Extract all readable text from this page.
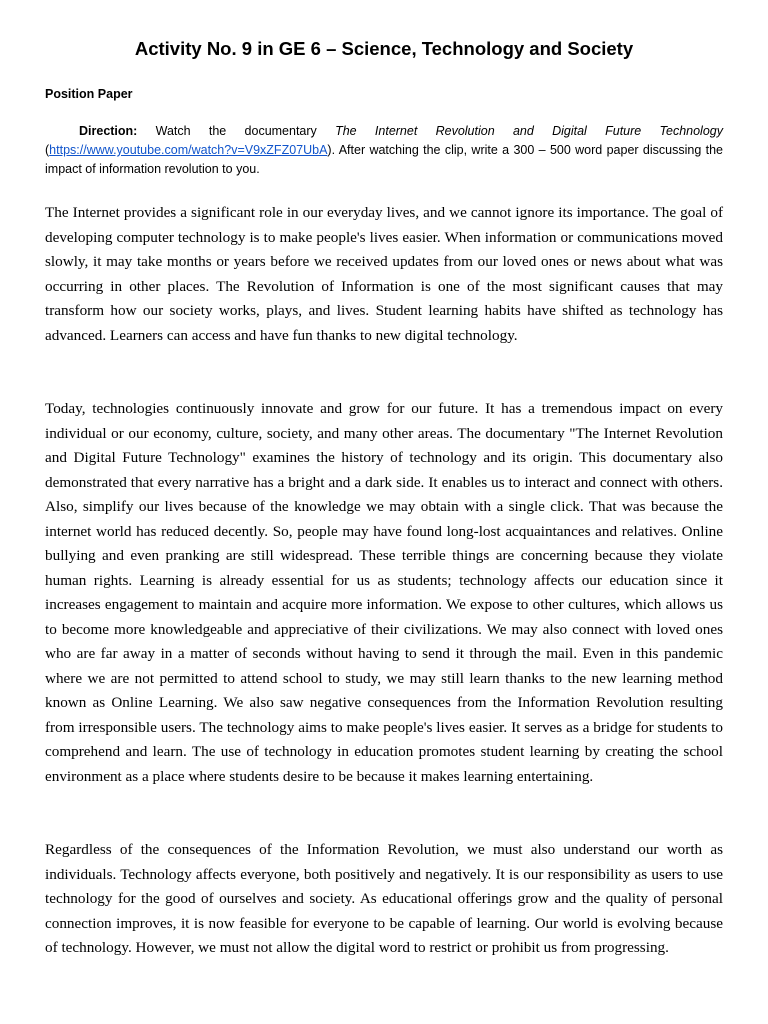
Activity No. 9 in GE 6 – Science, Technology and Society

Position Paper

Direction: Watch the documentary The Internet Revolution and Digital Future Technology (https://www.youtube.com/watch?v=V9xZFZ07UbA). After watching the clip, write a 300 – 500 word paper discussing the impact of information revolution to you.

The Internet provides a significant role in our everyday lives, and we cannot ignore its importance. The goal of developing computer technology is to make people's lives easier. When information or communications moved slowly, it may take months or years before we received updates from our loved ones or news about what was occurring in other places. The Revolution of Information is one of the most significant causes that may transform how our society works, plays, and lives. Student learning habits have shifted as technology has advanced. Learners can access and have fun thanks to new digital technology.

Today, technologies continuously innovate and grow for our future. It has a tremendous impact on every individual or our economy, culture, society, and many other areas. The documentary "The Internet Revolution and Digital Future Technology" examines the history of technology and its origin. This documentary also demonstrated that every narrative has a bright and a dark side. It enables us to interact and connect with others. Also, simplify our lives because of the knowledge we may obtain with a single click. That was because the internet world has reduced decently. So, people may have found long-lost acquaintances and relatives. Online bullying and even pranking are still widespread. These terrible things are concerning because they violate human rights. Learning is already essential for us as students; technology affects our education since it increases engagement to maintain and acquire more information. We expose to other cultures, which allows us to become more knowledgeable and appreciative of their civilizations. We may also connect with loved ones who are far away in a matter of seconds without having to send it through the mail. Even in this pandemic where we are not permitted to attend school to study, we may still learn thanks to the new learning method known as Online Learning. We also saw negative consequences from the Information Revolution resulting from irresponsible users. The technology aims to make people's lives easier. It serves as a bridge for students to comprehend and learn. The use of technology in education promotes student learning by creating the school environment as a place where students desire to be because it makes learning entertaining.

Regardless of the consequences of the Information Revolution, we must also understand our worth as individuals. Technology affects everyone, both positively and negatively. It is our responsibility as users to use technology for the good of ourselves and society. As educational offerings grow and the quality of personal connection improves, it is now feasible for everyone to be capable of learning. Our world is evolving because of technology. However, we must not allow the digital word to restrict or prohibit us from progressing.
